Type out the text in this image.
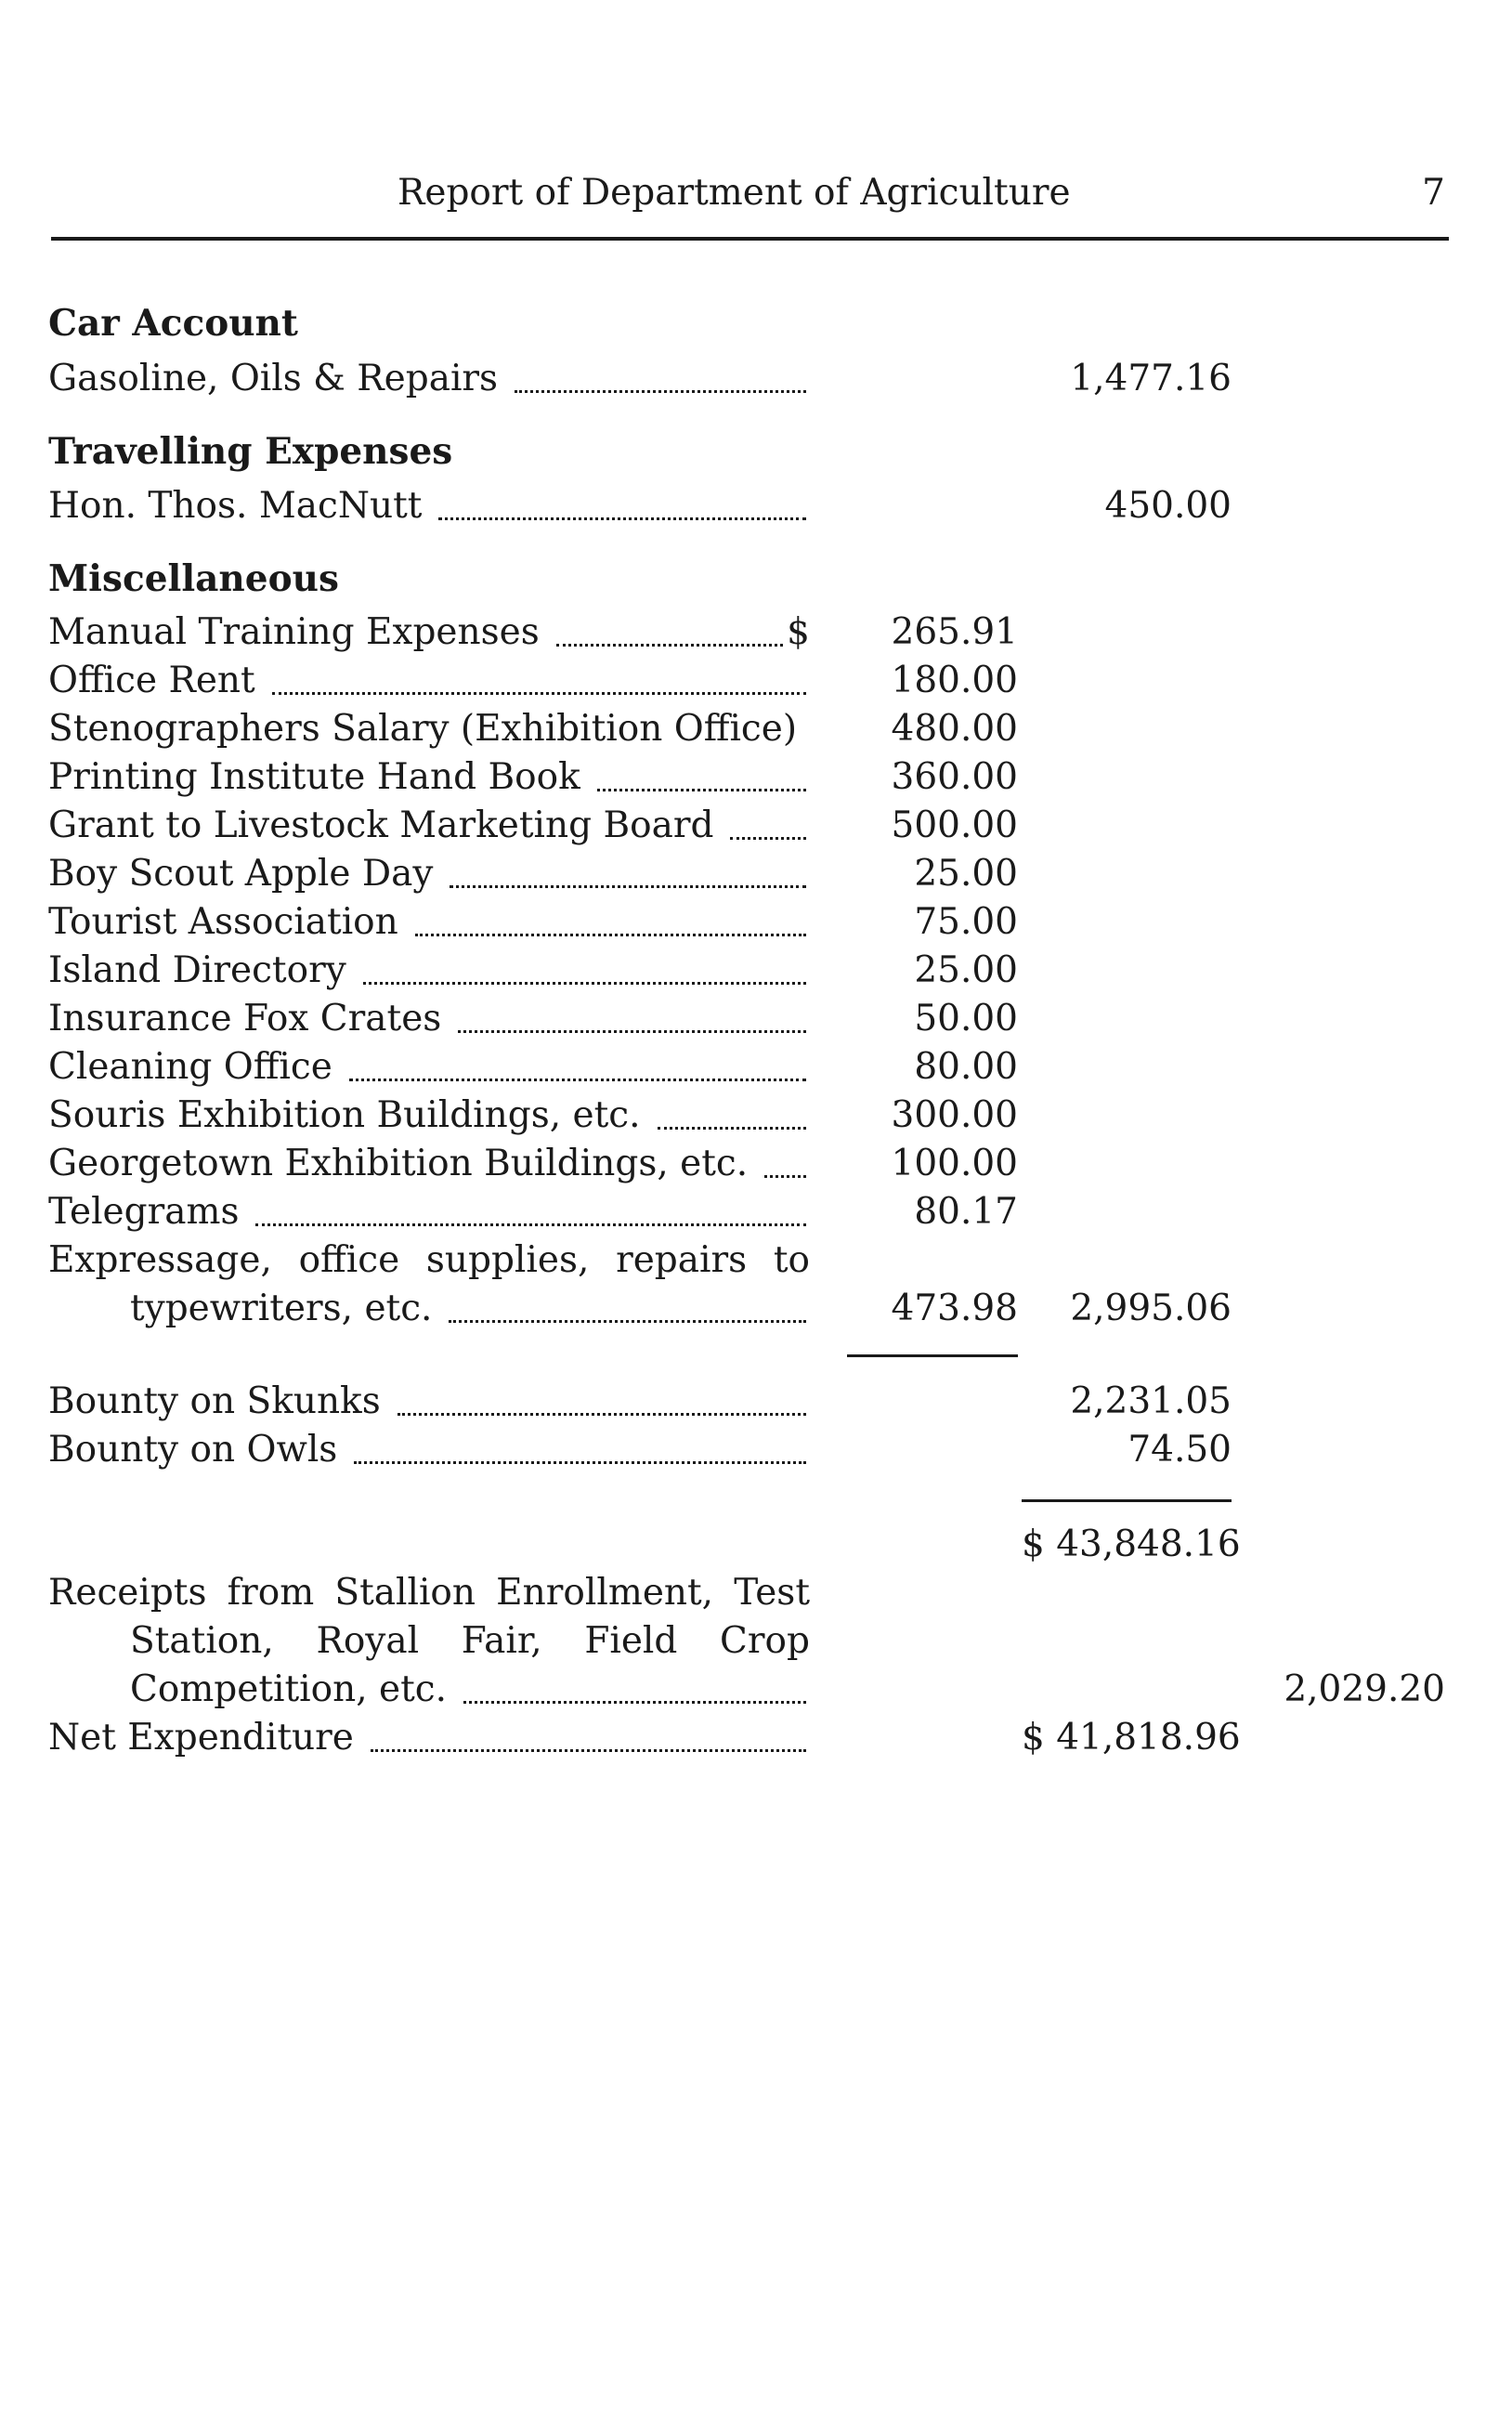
Report of Department of Agriculture	7
Car Account
Gasoline, Oils & Repairs	1,477.16
Travelling Expenses
Hon. Thos. MacNutt	450.00
Miscellaneous
Manual Training Expenses	$	265.91
Office Rent	180.00
Stenographers Salary (Exhibition Office)	480.00
Printing Institute Hand Book	360.00
Grant to Livestock Marketing Board	500.00
Boy Scout Apple Day	25.00
Tourist Association	75.00
Island Directory	25.00
Insurance Fox Crates	50.00
Cleaning Office	80.00
Souris Exhibition Buildings, etc.	300.00
Georgetown Exhibition Buildings, etc.	100.00
Telegrams	80.17
Expressage, office supplies, repairs to
typewriters, etc.	473.98	2,995.06
Bounty on Skunks	2,231.05
Bounty on Owls	74.50
$ 43,848.16
Receipts from Stallion Enrollment, Test
Station, Royal Fair, Field Crop
Competition, etc.	2,029.20
Net Expenditure	$ 41,818.96
